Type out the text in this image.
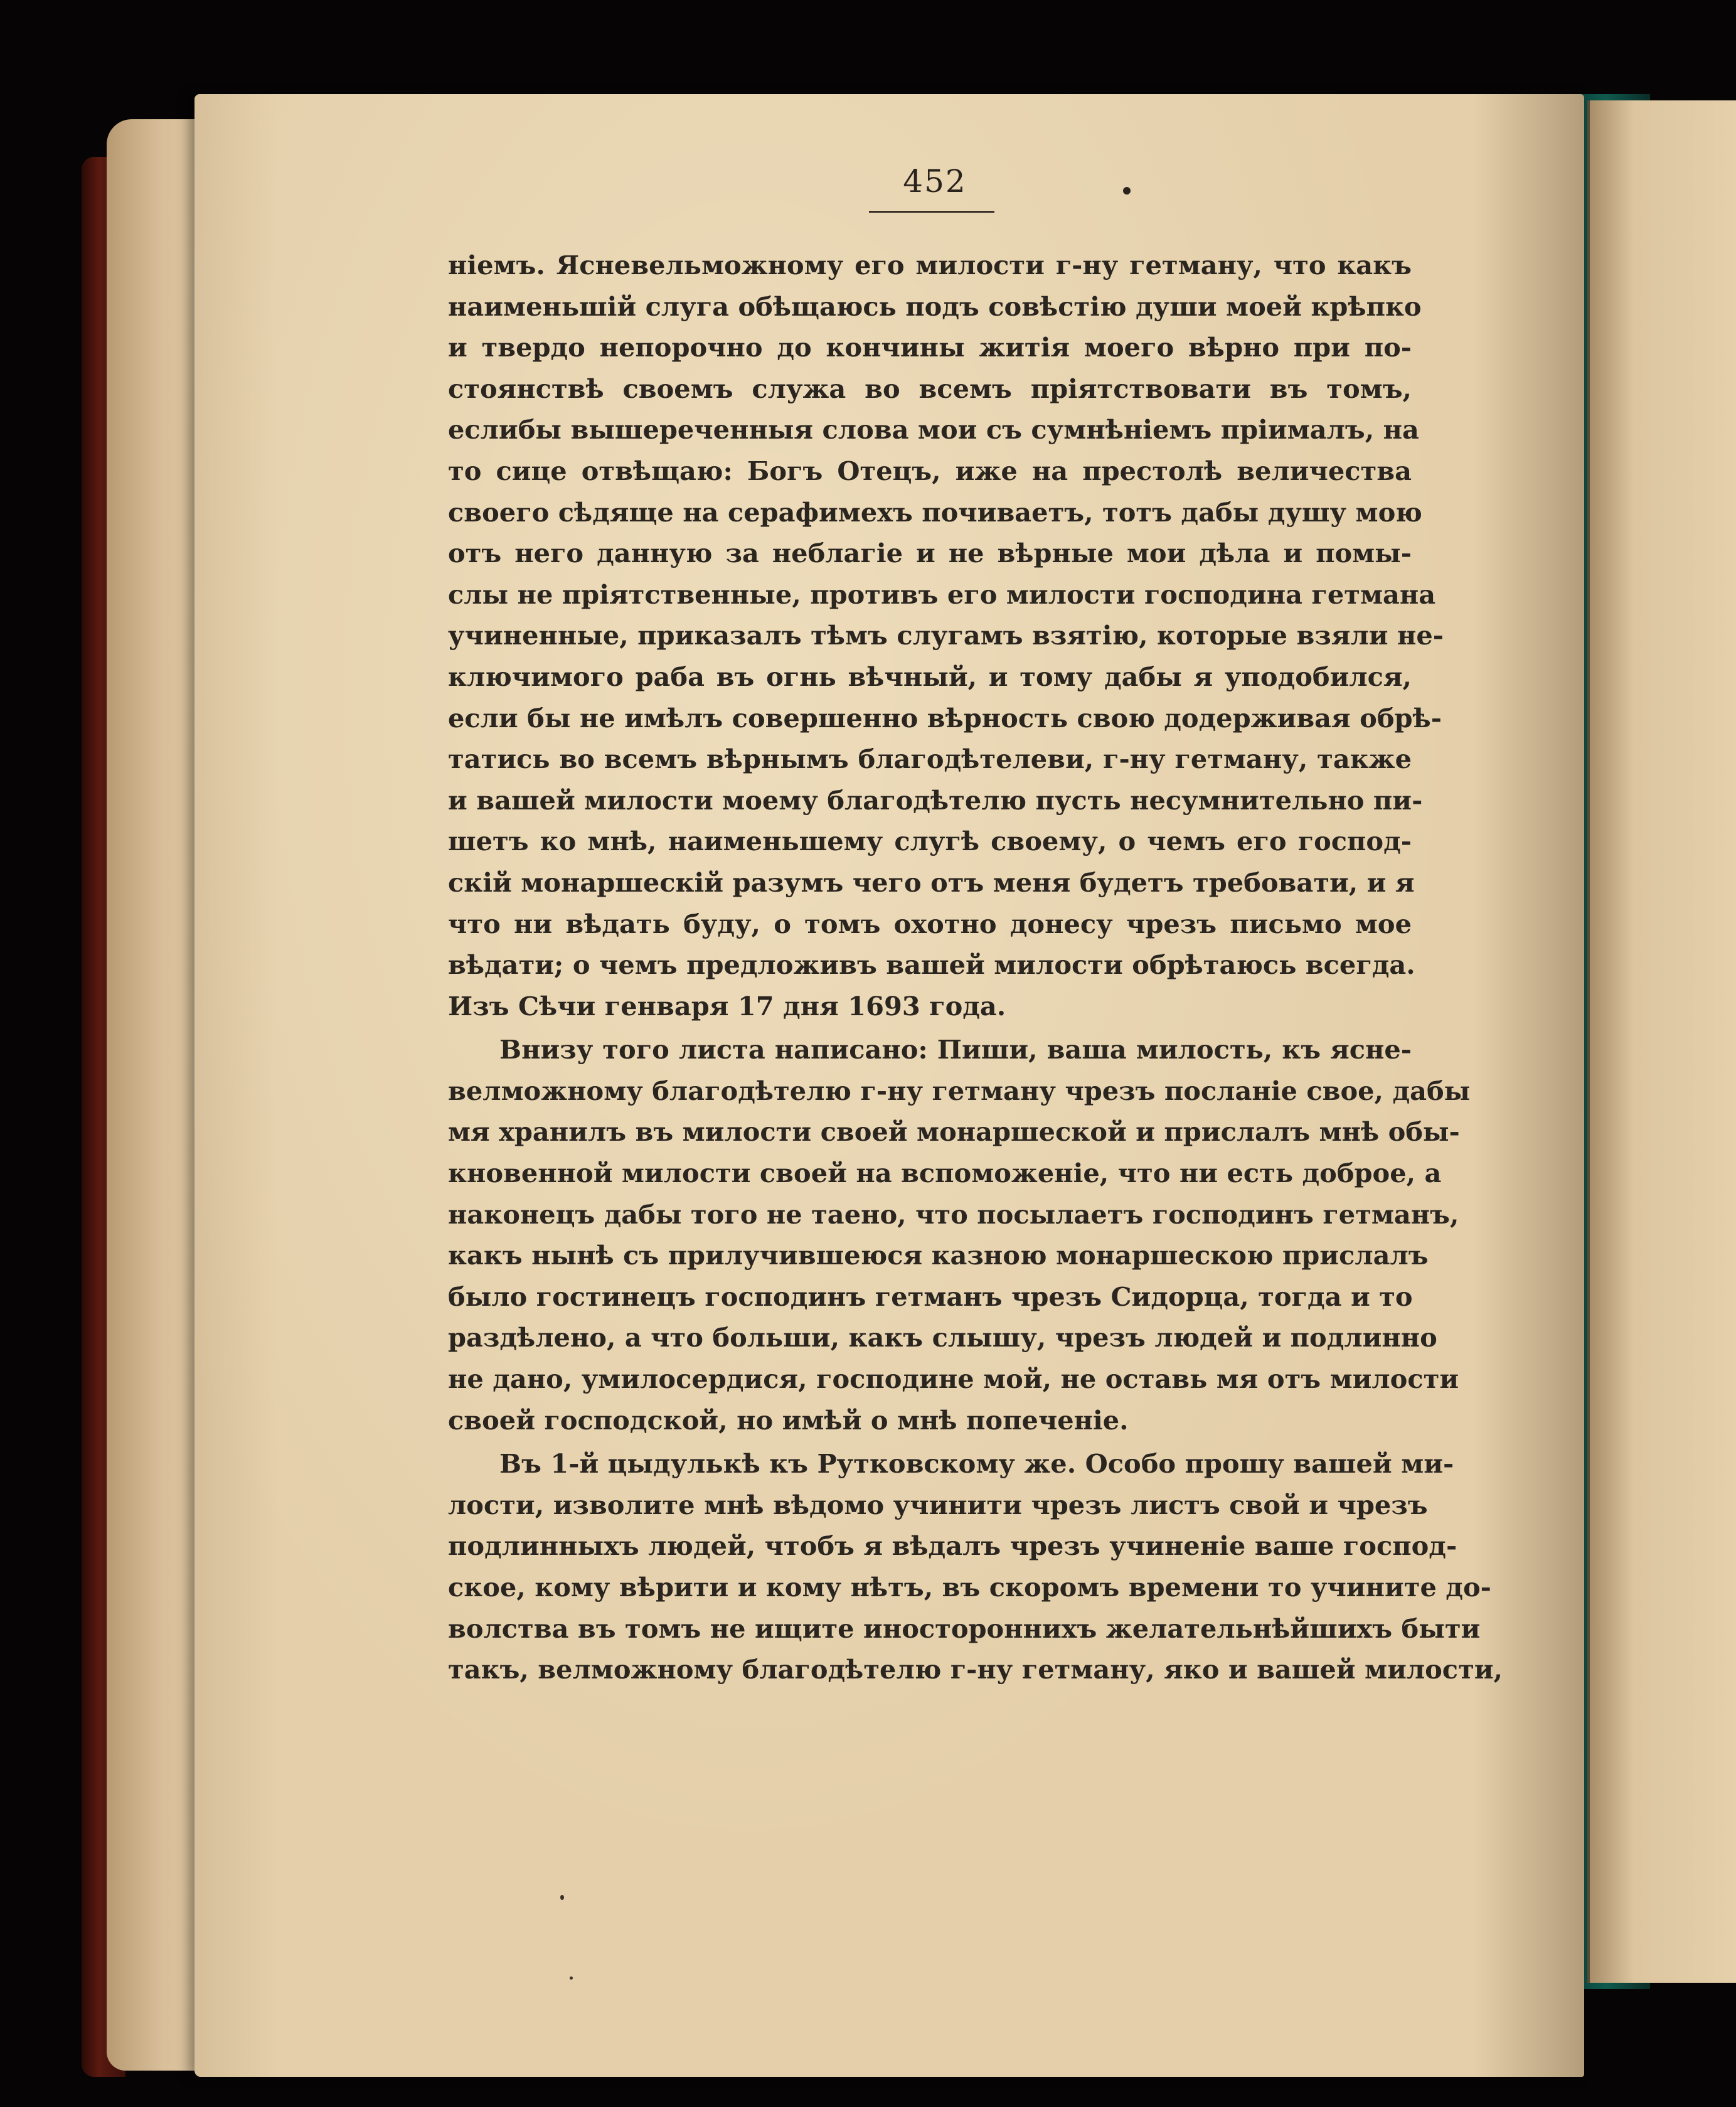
452
ніемъ. Ясневельможному его милости г-ну гетману, что какъ
наименьшій слуга обѣщаюсь подъ совѣстію души моей крѣпко
и твердо непорочно до кончины житія моего вѣрно при по-
стоянствѣ своемъ служа во всемъ пріятствовати въ томъ,
еслибы вышереченныя слова мои съ сумнѣніемъ пріималъ, на
то сице отвѣщаю: Богъ Отецъ, иже на престолѣ величества
своего сѣдяще на серафимехъ почиваетъ, тотъ дабы душу мою
отъ него данную за неблагіе и не вѣрные мои дѣла и помы-
слы не пріятственные, противъ его милости господина гетмана
учиненные, приказалъ тѣмъ слугамъ взятію, которые взяли не-
ключимого раба въ огнь вѣчный, и тому дабы я уподобился,
если бы не имѣлъ совершенно вѣрность свою додерживая обрѣ-
татись во всемъ вѣрнымъ благодѣтелеви, г-ну гетману, также
и вашей милости моему благодѣтелю пусть несумнительно пи-
шетъ ко мнѣ, наименьшему слугѣ своему, о чемъ его господ-
скій монаршескій разумъ чего отъ меня будетъ требовати, и я
что ни вѣдать буду, о томъ охотно донесу чрезъ письмо мое
вѣдати; о чемъ предложивъ вашей милости обрѣтаюсь всегда.
Изъ Сѣчи генваря 17 дня 1693 года.
Внизу того листа написано: Пиши, ваша милость, къ ясне-
велможному благодѣтелю г-ну гетману чрезъ посланіе свое, дабы
мя хранилъ въ милости своей монаршеской и прислалъ мнѣ обы-
кновенной милости своей на вспоможеніе, что ни есть доброе, а
наконецъ дабы того не таено, что посылаетъ господинъ гетманъ,
какъ нынѣ съ прилучившеюся казною монаршескою прислалъ
было гостинецъ господинъ гетманъ чрезъ Сидорца, тогда и то
раздѣлено, а что больши, какъ слышу, чрезъ людей и подлинно
не дано, умилосердися, господине мой, не оставь мя отъ милости
своей господской, но имѣй о мнѣ попеченіе.
Въ 1-й цыдулькѣ къ Рутковскому же. Особо прошу вашей ми-
лости, изволите мнѣ вѣдомо учинити чрезъ листъ свой и чрезъ
подлинныхъ людей, чтобъ я вѣдалъ чрезъ учиненіе ваше господ-
ское, кому вѣрити и кому нѣтъ, въ скоромъ времени то учините до-
волства въ томъ не ищите иностороннихъ желательнѣйшихъ быти
такъ, велможному благодѣтелю г-ну гетману, яко и вашей милости,
